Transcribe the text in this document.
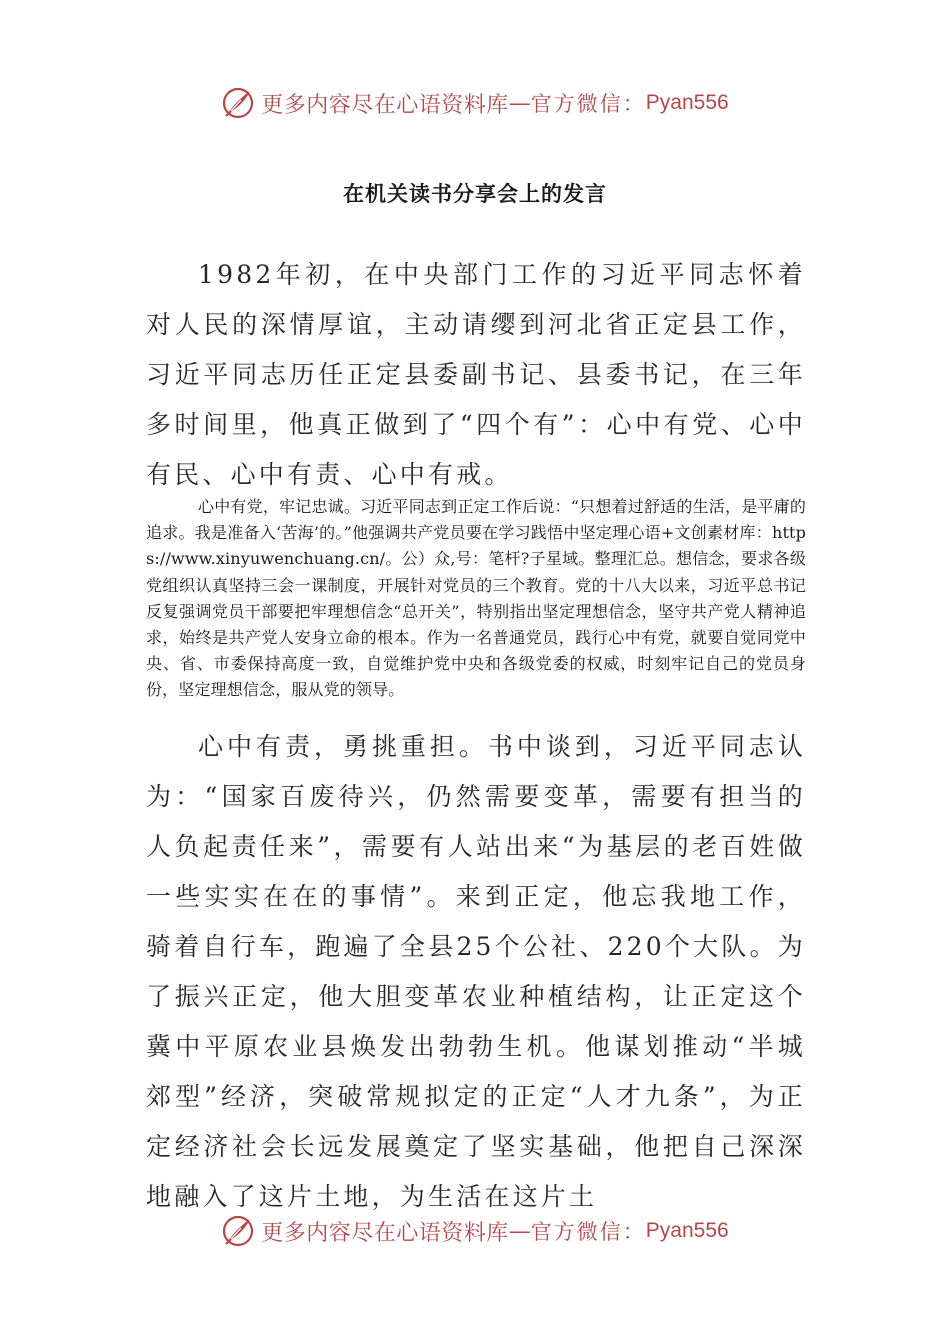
更多内容尽在心语资料库 — 官方微信： Pyan556
在机关读书分享会上的发言

1982年初，在中央部门工作的习近平同志怀着对人民的深情厚谊，主动请缨到河北省正定县工作，习近平同志历任正定县委副书记、县委书记，在三年多时间里，他真正做到了“四个有”：心中有党、心中有民、心中有责、心中有戒。

心中有党，牢记忠诚。习近平同志到正定工作后说：“只想着过舒适的生活，是平庸的追求。我是准备入‘苦海’的。”他强调共产党员要在学习践悟中坚定理心语+文创素材库：https://www.xinyuwenchuang.cn/。公）众,号：笔杆?子星域。整理汇总。想信念，要求各级党组织认真坚持三会一课制度，开展针对党员的三个教育。党的十八大以来，习近平总书记反复强调党员干部要把牢理想信念“总开关”，特别指出坚定理想信念，坚守共产党人精神追求，始终是共产党人安身立命的根本。作为一名普通党员，践行心中有党，就要自觉同党中央、省、市委保持高度一致，自觉维护党中央和各级党委的权威，时刻牢记自己的党员身份，坚定理想信念，服从党的领导。

心中有责，勇挑重担。书中谈到，习近平同志认为：“国家百废待兴，仍然需要变革，需要有担当的人负起责任来”，需要有人站出来“为基层的老百姓做一些实实在在的事情”。来到正定，他忘我地工作，骑着自行车，跑遍了全县25个公社、220个大队。为了振兴正定，他大胆变革农业种植结构，让正定这个冀中平原农业县焕发出勃勃生机。他谋划推动“半城郊型”经济，突破常规拟定的正定“人才九条”，为正定经济社会长远发展奠定了坚实基础，他把自己深深地融入了这片土地，为生活在这片土

更多内容尽在心语资料库 — 官方微信： Pyan556
